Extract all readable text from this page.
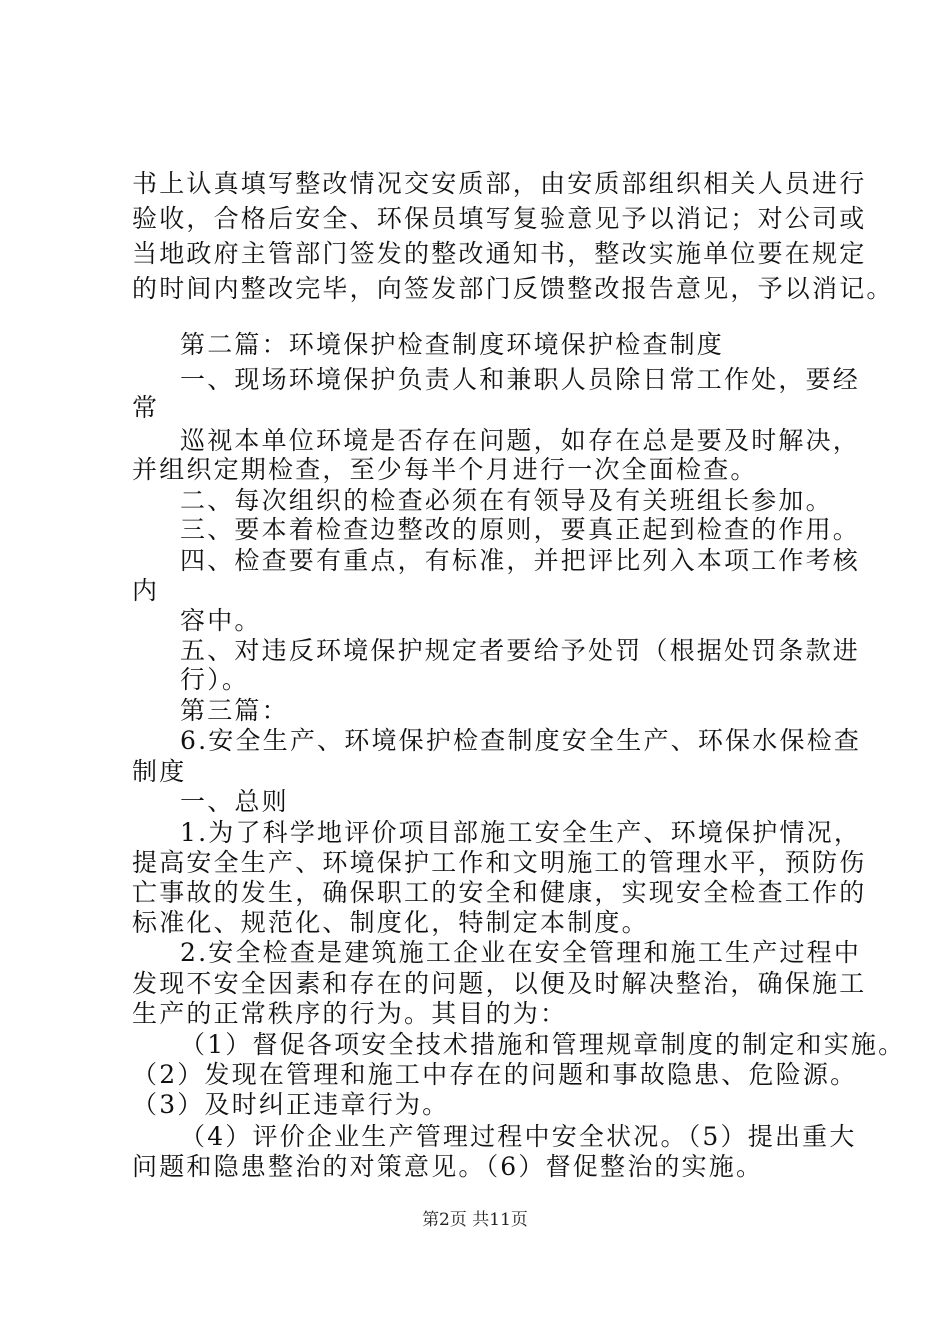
书上认真填写整改情况交安质部，由安质部组织相关人员进行
验收，合格后安全、环保员填写复验意见予以消记；对公司或
当地政府主管部门签发的整改通知书，整改实施单位要在规定
的时间内整改完毕，向签发部门反馈整改报告意见，予以消记。
第二篇：环境保护检查制度环境保护检查制度
一、现场环境保护负责人和兼职人员除日常工作处，要经
常
巡视本单位环境是否存在问题，如存在总是要及时解决，
并组织定期检查，至少每半个月进行一次全面检查。
二、每次组织的检查必须在有领导及有关班组长参加。
三、要本着检查边整改的原则，要真正起到检查的作用。
四、检查要有重点，有标准，并把评比列入本项工作考核
内
容中。
五、对违反环境保护规定者要给予处罚（根据处罚条款进
行）。
第三篇：
6.安全生产、环境保护检查制度安全生产、环保水保检查
制度
一、总则
1.为了科学地评价项目部施工安全生产、环境保护情况，
提高安全生产、环境保护工作和文明施工的管理水平，预防伤
亡事故的发生，确保职工的安全和健康，实现安全检查工作的
标准化、规范化、制度化，特制定本制度。
2.安全检查是建筑施工企业在安全管理和施工生产过程中
发现不安全因素和存在的问题，以便及时解决整治，确保施工
生产的正常秩序的行为。其目的为：
（1）督促各项安全技术措施和管理规章制度的制定和实施。
（2）发现在管理和施工中存在的问题和事故隐患、危险源。
（3）及时纠正违章行为。
（4）评价企业生产管理过程中安全状况。（5）提出重大
问题和隐患整治的对策意见。（6）督促整治的实施。
第2页 共11页
